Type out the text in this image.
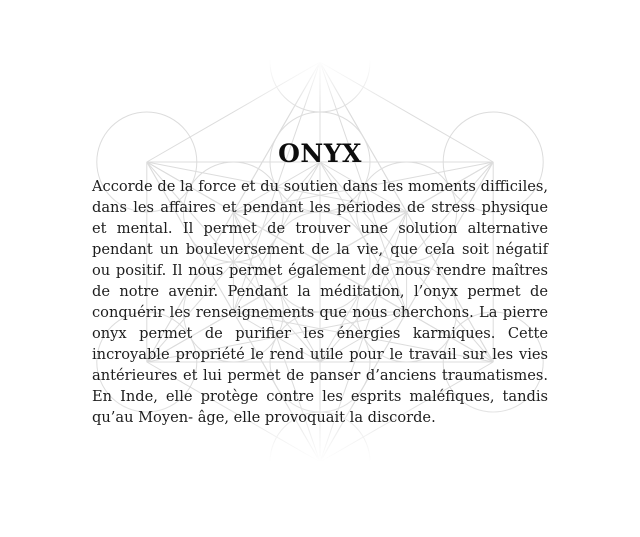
ONYX

Accorde de la force et du soutien dans les moments difficiles, dans les affaires et pendant les périodes de stress physique et mental. Il permet de trouver une solution alternative pendant un bouleversement de la vie, que cela soit négatif ou positif. Il nous permet également de nous rendre maîtres de notre avenir. Pendant la méditation, l’onyx permet de conquérir les renseignements que nous cherchons. La pierre onyx permet de purifier les énergies karmiques. Cette incroyable propriété le rend utile pour le travail sur les vies antérieures et lui permet de panser d’anciens traumatismes. En Inde, elle protège contre les esprits maléfiques, tandis qu’au Moyen- âge, elle provoquait la discorde.
